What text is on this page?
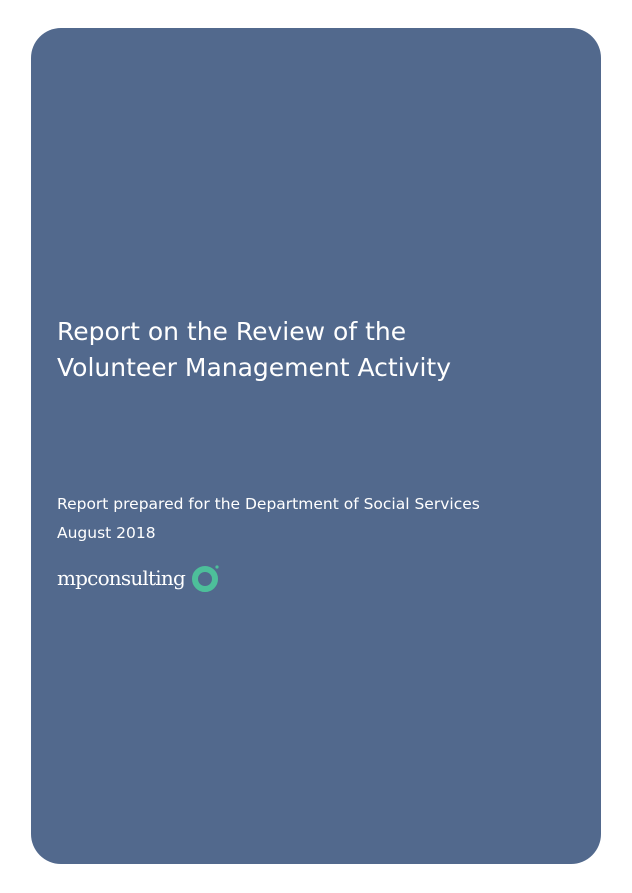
Report on the Review of the
Volunteer Management Activity
Report prepared for the Department of Social Services
August 2018
mpconsulting
